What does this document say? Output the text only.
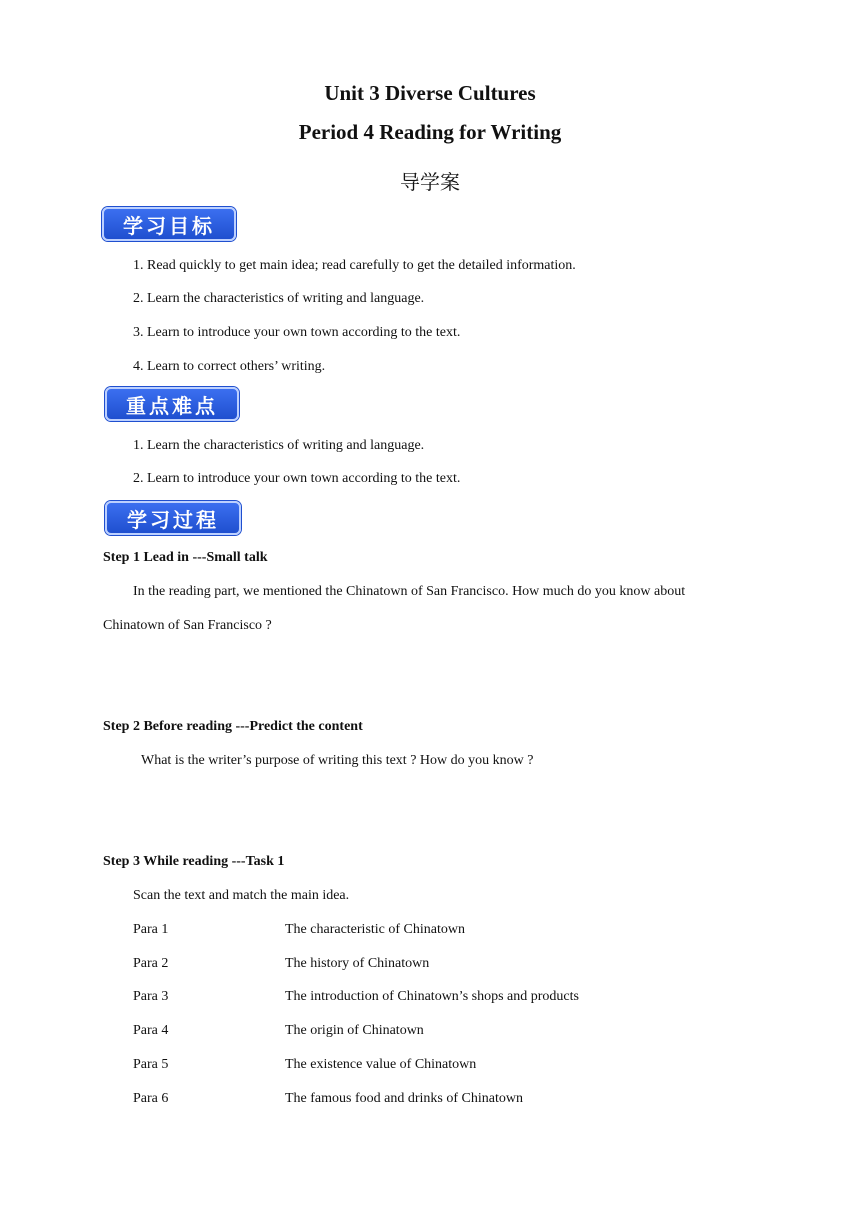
Unit 3 Diverse Cultures
Period 4 Reading for Writing
导学案
学习目标
1. Read quickly to get main idea; read carefully to get the detailed information.
2. Learn the characteristics of writing and language.
3. Learn to introduce your own town according to the text.
4. Learn to correct others’ writing.
重点难点
1. Learn the characteristics of writing and language.
2. Learn to introduce your own town according to the text.
学习过程
Step 1 Lead in ---Small talk
In the reading part, we mentioned the Chinatown of San Francisco. How much do you know about
Chinatown of San Francisco ?
Step 2 Before reading ---Predict the content
What is the writer’s purpose of writing this text ? How do you know ?
Step 3 While reading ---Task 1
Scan the text and match the main idea.
Para 1	The characteristic of Chinatown
Para 2	The history of Chinatown
Para 3	The introduction of Chinatown’s shops and products
Para 4	The origin of Chinatown
Para 5	The existence value of Chinatown
Para 6	The famous food and drinks of Chinatown
